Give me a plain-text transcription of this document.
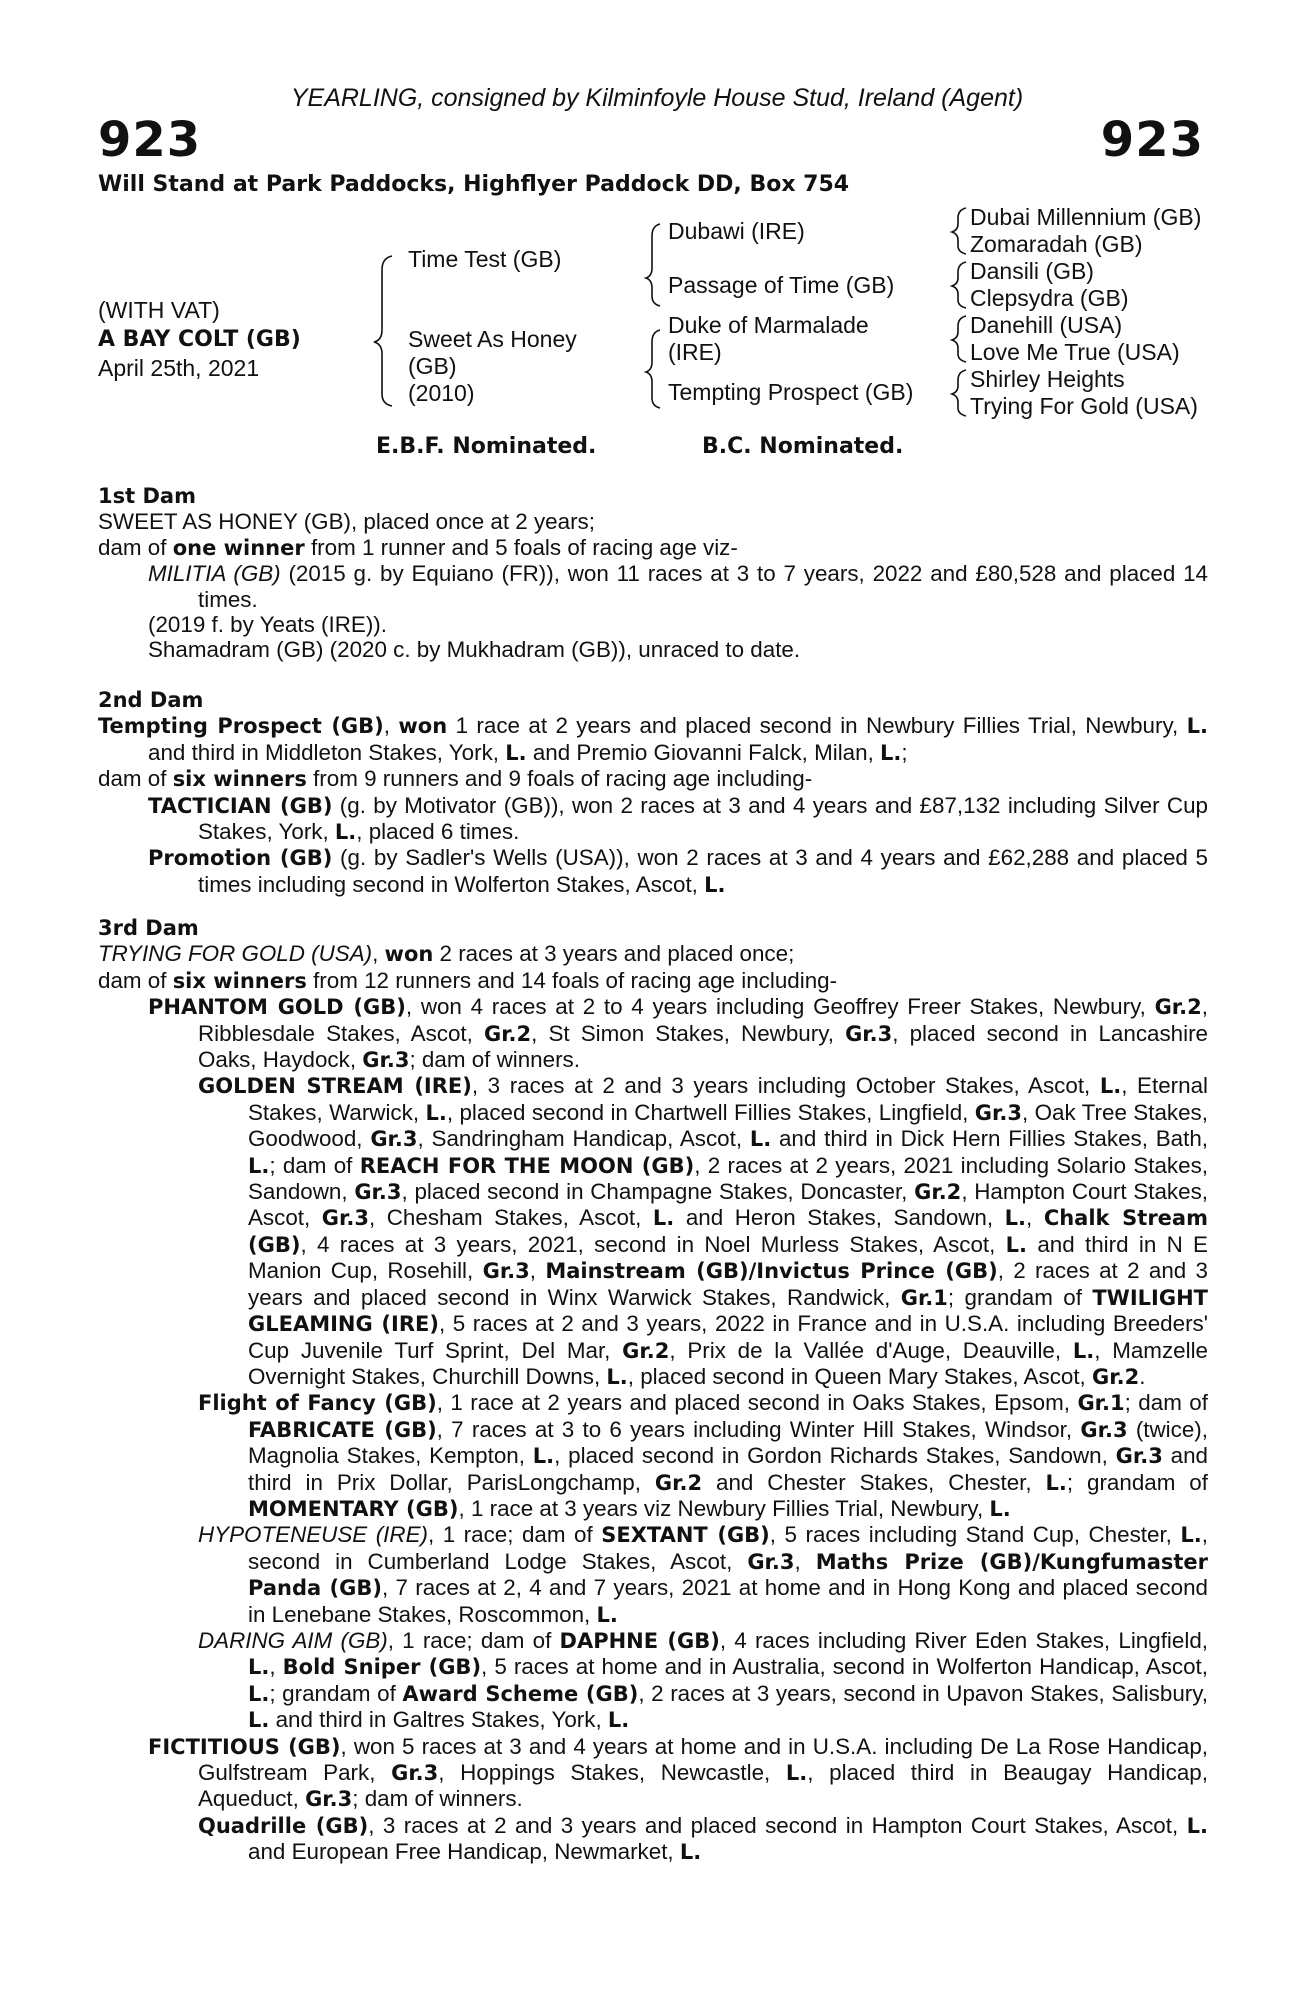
YEARLING, consigned by Kilminfoyle House Stud, Ireland (Agent)
923	923
Will Stand at Park Paddocks, Highflyer Paddock DD, Box 754
(WITH VAT)
A BAY COLT (GB)
April 25th, 2021
Time Test (GB)
Sweet As Honey
(GB)
(2010)
Dubawi (IRE)
Passage of Time (GB)
Duke of Marmalade
(IRE)
Tempting Prospect (GB)
Dubai Millennium (GB)
Zomaradah (GB)
Dansili (GB)
Clepsydra (GB)
Danehill (USA)
Love Me True (USA)
Shirley Heights
Trying For Gold (USA)
E.B.F. Nominated.	B.C. Nominated.
1st Dam
SWEET AS HONEY (GB), placed once at 2 years;
dam of one winner from 1 runner and 5 foals of racing age viz-
MILITIA (GB) (2015 g. by Equiano (FR)), won 11 races at 3 to 7 years, 2022 and £80,528 and placed 14 times.
(2019 f. by Yeats (IRE)).
Shamadram (GB) (2020 c. by Mukhadram (GB)), unraced to date.
2nd Dam
Tempting Prospect (GB), won 1 race at 2 years and placed second in Newbury Fillies Trial, Newbury, L. and third in Middleton Stakes, York, L. and Premio Giovanni Falck, Milan, L.;
dam of six winners from 9 runners and 9 foals of racing age including-
TACTICIAN (GB) (g. by Motivator (GB)), won 2 races at 3 and 4 years and £87,132 including Silver Cup Stakes, York, L., placed 6 times.
Promotion (GB) (g. by Sadler's Wells (USA)), won 2 races at 3 and 4 years and £62,288 and placed 5 times including second in Wolferton Stakes, Ascot, L.
3rd Dam
TRYING FOR GOLD (USA), won 2 races at 3 years and placed once;
dam of six winners from 12 runners and 14 foals of racing age including-
PHANTOM GOLD (GB), won 4 races at 2 to 4 years including Geoffrey Freer Stakes, Newbury, Gr.2, Ribblesdale Stakes, Ascot, Gr.2, St Simon Stakes, Newbury, Gr.3, placed second in Lancashire Oaks, Haydock, Gr.3; dam of winners.
GOLDEN STREAM (IRE), 3 races at 2 and 3 years including October Stakes, Ascot, L., Eternal Stakes, Warwick, L., placed second in Chartwell Fillies Stakes, Lingfield, Gr.3, Oak Tree Stakes, Goodwood, Gr.3, Sandringham Handicap, Ascot, L. and third in Dick Hern Fillies Stakes, Bath, L.; dam of REACH FOR THE MOON (GB), 2 races at 2 years, 2021 including Solario Stakes, Sandown, Gr.3, placed second in Champagne Stakes, Doncaster, Gr.2, Hampton Court Stakes, Ascot, Gr.3, Chesham Stakes, Ascot, L. and Heron Stakes, Sandown, L., Chalk Stream (GB), 4 races at 3 years, 2021, second in Noel Murless Stakes, Ascot, L. and third in N E Manion Cup, Rosehill, Gr.3, Mainstream (GB)/Invictus Prince (GB), 2 races at 2 and 3 years and placed second in Winx Warwick Stakes, Randwick, Gr.1; grandam of TWILIGHT GLEAMING (IRE), 5 races at 2 and 3 years, 2022 in France and in U.S.A. including Breeders' Cup Juvenile Turf Sprint, Del Mar, Gr.2, Prix de la Vallée d'Auge, Deauville, L., Mamzelle Overnight Stakes, Churchill Downs, L., placed second in Queen Mary Stakes, Ascot, Gr.2.
Flight of Fancy (GB), 1 race at 2 years and placed second in Oaks Stakes, Epsom, Gr.1; dam of FABRICATE (GB), 7 races at 3 to 6 years including Winter Hill Stakes, Windsor, Gr.3 (twice), Magnolia Stakes, Kempton, L., placed second in Gordon Richards Stakes, Sandown, Gr.3 and third in Prix Dollar, ParisLongchamp, Gr.2 and Chester Stakes, Chester, L.; grandam of MOMENTARY (GB), 1 race at 3 years viz Newbury Fillies Trial, Newbury, L.
HYPOTENEUSE (IRE), 1 race; dam of SEXTANT (GB), 5 races including Stand Cup, Chester, L., second in Cumberland Lodge Stakes, Ascot, Gr.3, Maths Prize (GB)/Kungfumaster Panda (GB), 7 races at 2, 4 and 7 years, 2021 at home and in Hong Kong and placed second in Lenebane Stakes, Roscommon, L.
DARING AIM (GB), 1 race; dam of DAPHNE (GB), 4 races including River Eden Stakes, Lingfield, L., Bold Sniper (GB), 5 races at home and in Australia, second in Wolferton Handicap, Ascot, L.; grandam of Award Scheme (GB), 2 races at 3 years, second in Upavon Stakes, Salisbury, L. and third in Galtres Stakes, York, L.
FICTITIOUS (GB), won 5 races at 3 and 4 years at home and in U.S.A. including De La Rose Handicap, Gulfstream Park, Gr.3, Hoppings Stakes, Newcastle, L., placed third in Beaugay Handicap, Aqueduct, Gr.3; dam of winners.
Quadrille (GB), 3 races at 2 and 3 years and placed second in Hampton Court Stakes, Ascot, L. and European Free Handicap, Newmarket, L.
